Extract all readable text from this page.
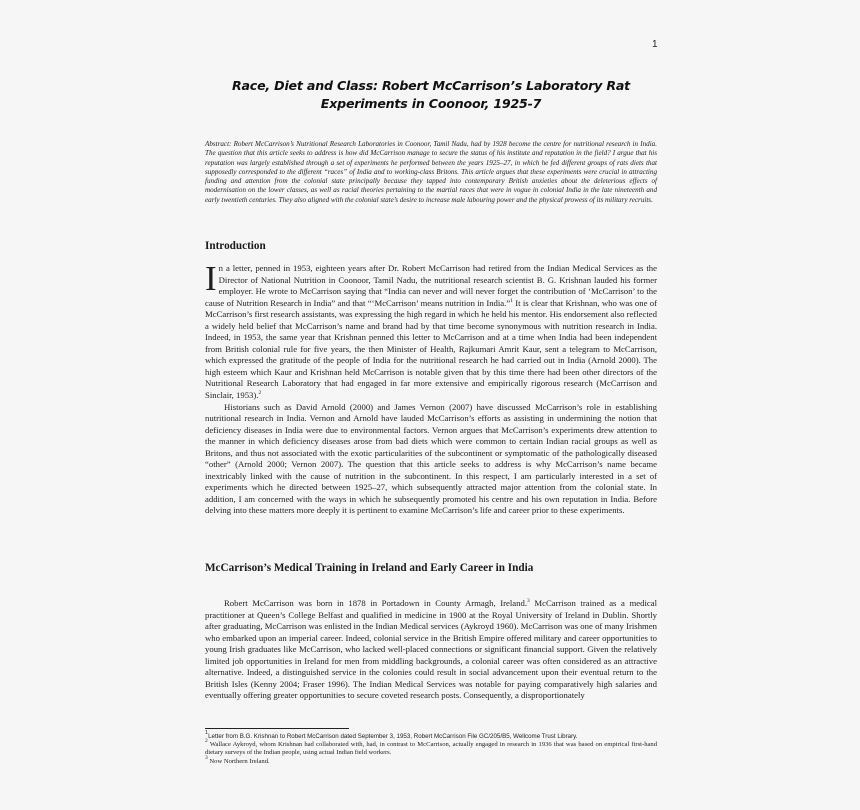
1
Race, Diet and Class: Robert McCarrison’s Laboratory Rat
Experiments in Coonoor, 1925-7
Abstract: Robert McCarrison’s Nutritional Research Laboratories in Coonoor, Tamil Nadu, had by 1928 become the centre for nutritional research in India. The question that this article seeks to address is how did McCarrison manage to secure the status of his institute and reputation in the field? I argue that his reputation was largely established through a set of experiments he performed between the years 1925–27, in which he fed different groups of rats diets that supposedly corresponded to the different “races” of India and to working-class Britons. This article argues that these experiments were crucial in attracting funding and attention from the colonial state principally because they tapped into contemporary British anxieties about the deleterious effects of modernisation on the lower classes, as well as racial theories pertaining to the martial races that were in vogue in colonial India in the late nineteenth and early twentieth centuries. They also aligned with the colonial state’s desire to increase male labouring power and the physical prowess of its military recruits.
Introduction

In a letter, penned in 1953, eighteen years after Dr. Robert McCarrison had retired from the Indian Medical Services as the Director of National Nutrition in Coonoor, Tamil Nadu, the nutritional research scientist B. G. Krishnan lauded his former employer. He wrote to McCarrison saying that “India can never and will never forget the contribution of ‘McCarrison’ to the cause of Nutrition Research in India” and that “‘McCarrison’ means nutrition in India.”$^1$ It is clear that Krishnan, who was one of McCarrison’s first research assistants, was expressing the high regard in which he held his mentor. His endorsement also reflected a widely held belief that McCarrison’s name and brand had by that time become synonymous with nutrition research in India. Indeed, in 1953, the same year that Krishnan penned this letter to McCarrison and at a time when India had been independent from British colonial rule for five years, the then Minister of Health, Rajkumari Amrit Kaur, sent a telegram to McCarrison, which expressed the gratitude of the people of India for the nutritional research he had carried out in India (Arnold 2000). The high esteem which Kaur and Krishnan held McCarrison is notable given that by this time there had been other directors of the Nutritional Research Laboratory that had engaged in far more extensive and empirically rigorous research (McCarrison and Sinclair, 1953).$^2$

Historians such as David Arnold (2000) and James Vernon (2007) have discussed McCarrison’s role in establishing nutritional research in India. Vernon and Arnold have lauded McCarrison’s efforts as assisting in undermining the notion that deficiency diseases in India were due to environmental factors. Vernon argues that McCarrison’s experiments drew attention to the manner in which deficiency diseases arose from bad diets which were common to certain Indian racial groups as well as Britons, and thus not associated with the exotic particularities of the subcontinent or symptomatic of the pathologically diseased “other” (Arnold 2000; Vernon 2007). The question that this article seeks to address is why McCarrison’s name became inextricably linked with the cause of nutrition in the subcontinent. In this respect, I am particularly interested in a set of experiments which he directed between 1925–27, which subsequently attracted major attention from the colonial state. In addition, I am concerned with the ways in which he subsequently promoted his centre and his own reputation in India. Before delving into these matters more deeply it is pertinent to examine McCarrison’s life and career prior to these experiments.

McCarrison’s Medical Training in Ireland and Early Career in India

Robert McCarrison was born in 1878 in Portadown in County Armagh, Ireland.$^3$ McCarrison trained as a medical practitioner at Queen’s College Belfast and qualified in medicine in 1900 at the Royal University of Ireland in Dublin. Shortly after graduating, McCarrison was enlisted in the Indian Medical services (Aykroyd 1960). McCarrison was one of many Irishmen who embarked upon an imperial career. Indeed, colonial service in the British Empire offered military and career opportunities to young Irish graduates like McCarrison, who lacked well-placed connections or significant financial support. Given the relatively limited job opportunities in Ireland for men from middling backgrounds, a colonial career was often considered as an attractive alternative. Indeed, a distinguished service in the colonies could result in social advancement upon their eventual return to the British Isles (Kenny 2004; Fraser 1996). The Indian Medical Services was notable for paying comparatively high salaries and eventually offering greater opportunities to secure coveted research posts. Consequently, a disproportionately

$^1$Letter from B.G. Krishnan to Robert McCarrison dated September 3, 1953, Robert McCarrison File GC/205/B5, Wellcome Trust Library.
$^2$ Wallace Aykroyd, whom Krishnan had collaborated with, had, in contrast to McCarrison, actually engaged in research in 1936 that was based on empirical first-hand dietary surveys of the Indian people, using actual Indian field workers.
$^3$ Now Northern Ireland.
